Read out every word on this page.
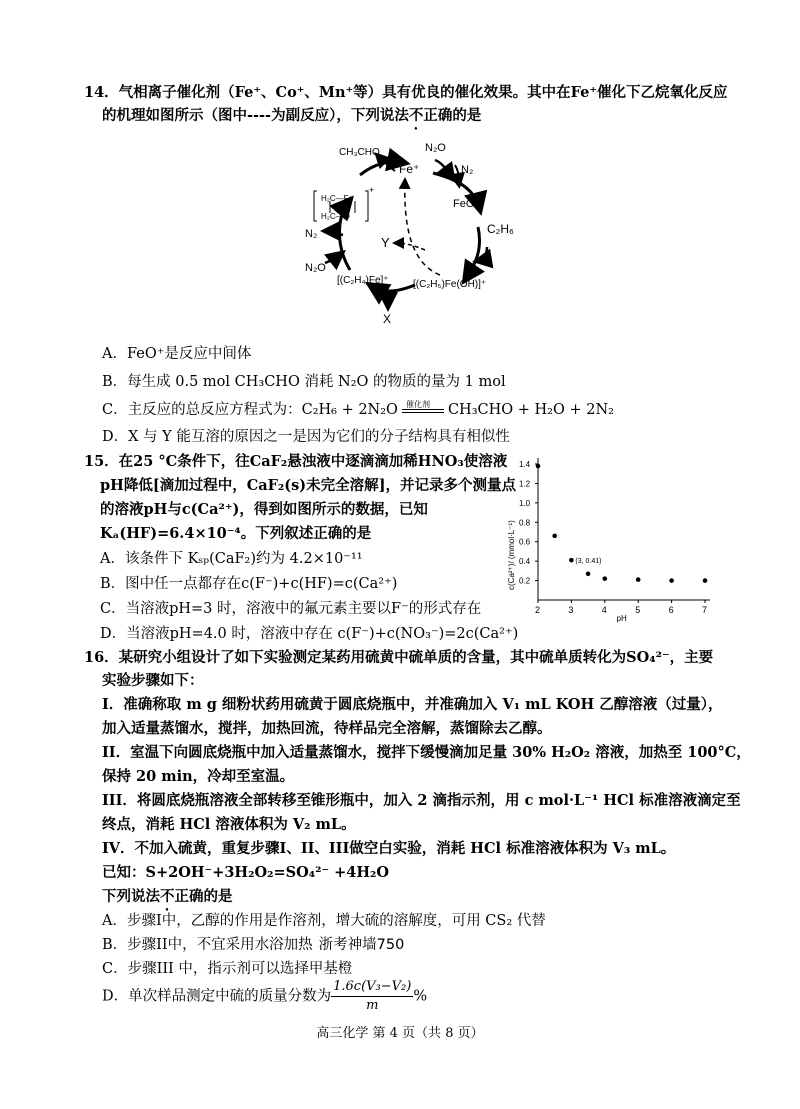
14．气相离子催化剂（Fe⁺、Co⁺、Mn⁺等）具有优良的催化效果。其中在Fe⁺催化下乙烷氧化反应
的机理如图所示（图中----为副反应），下列说法不正确的是
CH₃CHO
Fe⁺
N₂O
N₂
FeO⁺
C₂H₆
H₂C—Fe
H₂C—O
+
N₂
Y
N₂O
[(C₂H₄)Fe]⁺ [(C₂H₅)Fe(OH)]⁺
X
A．FeO⁺是反应中间体
B．每生成 0.5 mol CH₃CHO 消耗 N₂O 的物质的量为 1 mol
C．主反应的总反应方程式为：C₂H₆ + 2N₂O 催化剂 CH₃CHO + H₂O + 2N₂
D．X 与 Y 能互溶的原因之一是因为它们的分子结构具有相似性
15．在25 °C条件下，往CaF₂悬浊液中逐滴滴加稀HNO₃使溶液
pH降低[滴加过程中，CaF₂(s)未完全溶解]，并记录多个测量点
的溶液pH与c(Ca²⁺)，得到如图所示的数据，已知
Kₐ(HF)=6.4×10⁻⁴。下列叙述正确的是
A．该条件下 Kₛₚ(CaF₂)约为 4.2×10⁻¹¹
B．图中任一点都存在c(F⁻)+c(HF)=c(Ca²⁺)
C．当溶液pH=3 时，溶液中的氟元素主要以F⁻的形式存在
D．当溶液pH=4.0 时，溶液中存在 c(F⁻)+c(NO₃⁻)=2c(Ca²⁺)
2	3	4	5	6	7
0.2
0.4
0.6
0.8
1.0
1.2
1.4
c(Ca²⁺)/ (mmol·L⁻¹)
pH
(3, 0.41)
16．某研究小组设计了如下实验测定某药用硫黄中硫单质的含量，其中硫单质转化为SO₄²⁻，主要
实验步骤如下：
I．准确称取 m g 细粉状药用硫黄于圆底烧瓶中，并准确加入 V₁ mL KOH 乙醇溶液（过量），
加入适量蒸馏水，搅拌，加热回流，待样品完全溶解，蒸馏除去乙醇。
II．室温下向圆底烧瓶中加入适量蒸馏水，搅拌下缓慢滴加足量 30% H₂O₂ 溶液，加热至 100°C，
保持 20 min，冷却至室温。
III．将圆底烧瓶溶液全部转移至锥形瓶中，加入 2 滴指示剂，用 c mol·L⁻¹ HCl 标准溶液滴定至
终点，消耗 HCl 溶液体积为 V₂ mL。
IV．不加入硫黄，重复步骤I、II、III做空白实验，消耗 HCl 标准溶液体积为 V₃ mL。
已知：S+2OH⁻+3H₂O₂=SO₄²⁻ +4H₂O
下列说法不正确的是
A．步骤I中，乙醇的作用是作溶剂，增大硫的溶解度，可用 CS₂ 代替
B．步骤II中，不宜采用水浴加热 浙考神墙750
C．步骤III 中，指示剂可以选择甲基橙
D．单次样品测定中硫的质量分数为 $\frac{\text{1.6c(V₃−V₂)}}{m}$ %
高三化学 第 4 页（共 8 页）
